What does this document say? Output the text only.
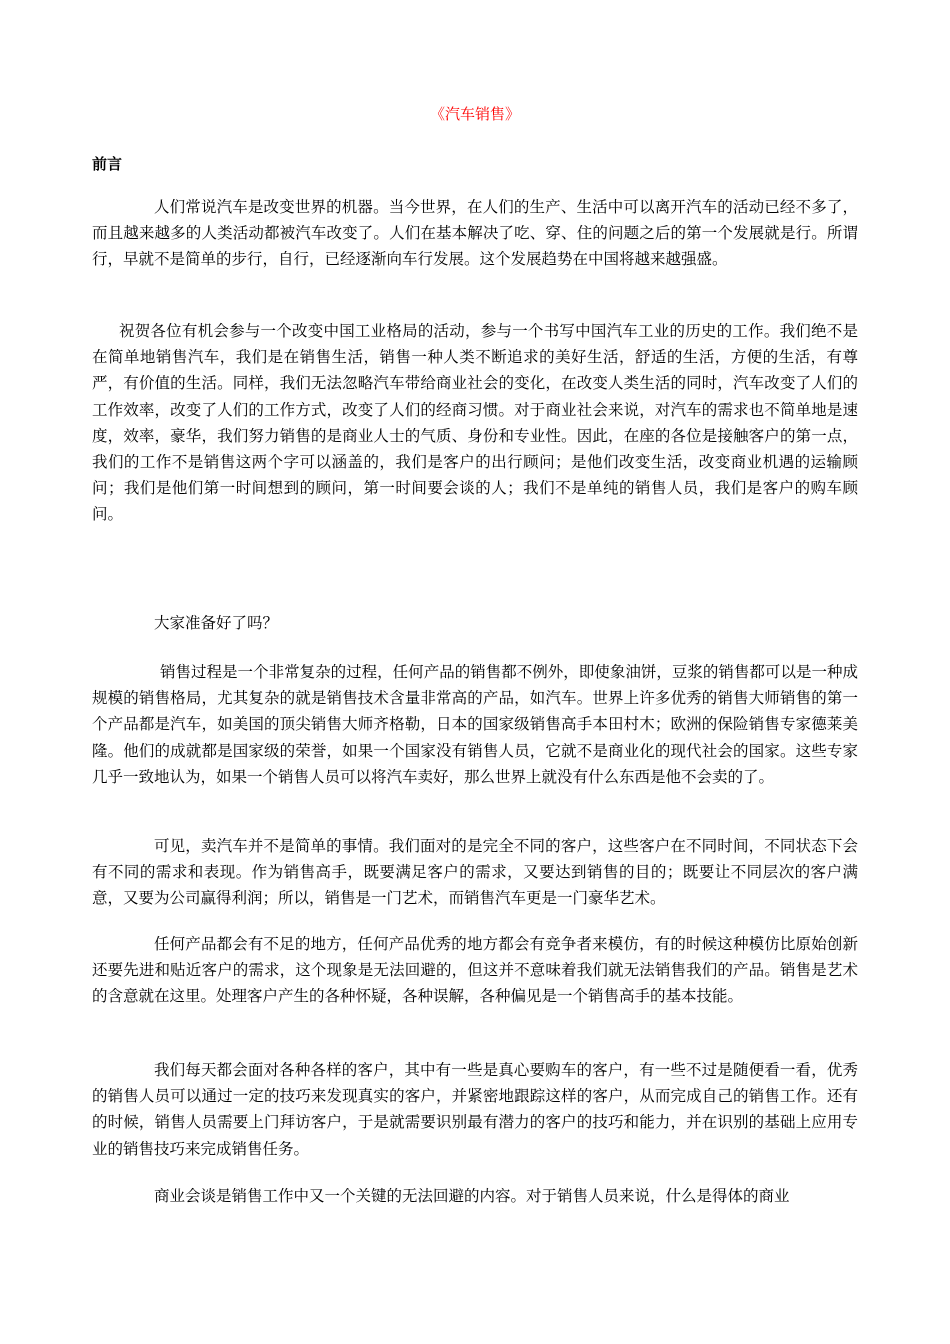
《汽车销售》
前言

人们常说汽车是改变世界的机器。当今世界，在人们的生产、生活中可以离开汽车的活动已经不多了，而且越来越多的人类活动都被汽车改变了。人们在基本解决了吃、穿、住的问题之后的第一个发展就是行。所谓行，早就不是简单的步行，自行，已经逐渐向车行发展。这个发展趋势在中国将越来越强盛。

祝贺各位有机会参与一个改变中国工业格局的活动，参与一个书写中国汽车工业的历史的工作。我们绝不是在简单地销售汽车，我们是在销售生活，销售一种人类不断追求的美好生活，舒适的生活，方便的生活，有尊严，有价值的生活。同样，我们无法忽略汽车带给商业社会的变化，在改变人类生活的同时，汽车改变了人们的工作效率，改变了人们的工作方式，改变了人们的经商习惯。对于商业社会来说，对汽车的需求也不简单地是速度，效率，豪华，我们努力销售的是商业人士的气质、身份和专业性。因此，在座的各位是接触客户的第一点，我们的工作不是销售这两个字可以涵盖的，我们是客户的出行顾问；是他们改变生活，改变商业机遇的运输顾问；我们是他们第一时间想到的顾问，第一时间要会谈的人；我们不是单纯的销售人员，我们是客户的购车顾问。

大家准备好了吗？

销售过程是一个非常复杂的过程，任何产品的销售都不例外，即使象油饼，豆浆的销售都可以是一种成规模的销售格局，尤其复杂的就是销售技术含量非常高的产品，如汽车。世界上许多优秀的销售大师销售的第一个产品都是汽车，如美国的顶尖销售大师齐格勒，日本的国家级销售高手本田村木；欧洲的保险销售专家德莱美隆。他们的成就都是国家级的荣誉，如果一个国家没有销售人员，它就不是商业化的现代社会的国家。这些专家几乎一致地认为，如果一个销售人员可以将汽车卖好，那么世界上就没有什么东西是他不会卖的了。

可见，卖汽车并不是简单的事情。我们面对的是完全不同的客户，这些客户在不同时间，不同状态下会有不同的需求和表现。作为销售高手，既要满足客户的需求，又要达到销售的目的；既要让不同层次的客户满意，又要为公司赢得利润；所以，销售是一门艺术，而销售汽车更是一门豪华艺术。

任何产品都会有不足的地方，任何产品优秀的地方都会有竞争者来模仿，有的时候这种模仿比原始创新还要先进和贴近客户的需求，这个现象是无法回避的，但这并不意味着我们就无法销售我们的产品。销售是艺术的含意就在这里。处理客户产生的各种怀疑，各种误解，各种偏见是一个销售高手的基本技能。

我们每天都会面对各种各样的客户，其中有一些是真心要购车的客户，有一些不过是随便看一看，优秀的销售人员可以通过一定的技巧来发现真实的客户，并紧密地跟踪这样的客户，从而完成自己的销售工作。还有的时候，销售人员需要上门拜访客户，于是就需要识别最有潜力的客户的技巧和能力，并在识别的基础上应用专业的销售技巧来完成销售任务。

商业会谈是销售工作中又一个关键的无法回避的内容。对于销售人员来说，什么是得体的商业
